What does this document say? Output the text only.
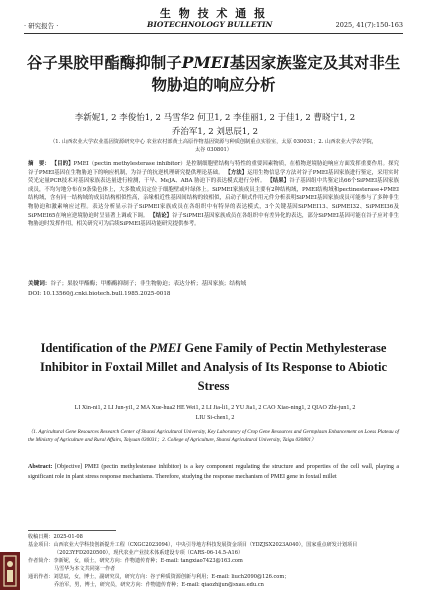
生 物 技 术 通 报
· 研究报告 ·	BIOTECHNOLOGY BULLETIN	2025, 41(7):150-163
谷子果胶甲酯酶抑制子PMEI基因家族鉴定及其对非生
物胁迫的响应分析
李新妮1, 2 李俊怡1, 2 马雪华2 何卫1, 2 李佳丽1, 2 于佳1, 2 曹晓宁1, 2
乔治军1, 2 刘思辰1, 2
（1. 山西农业大学农业基因资源研究中心 农业农村部黄土高原作物基因资源与种质创制重点实验室，太原 030031；2. 山西农业大学农学院，
太谷 030801）
摘　要： 【目的】PMEI（pectin methylesterase inhibitor）是控制细胞壁结构与特性的重要因素物质，在植物逆境胁迫响应方面发挥重要作用。探究谷子PMEI基因在生物胁迫下的响应机制，为谷子的抗逆机理研究提供理论基础。 【方法】运用生物信息学方法对谷子PMEI基因家族进行鉴定，采用实时荧光定量PCR技术对基因家族表达量进行检测，干旱、MeJA、ABA 胁迫下的表达模式进行分析。 【结果】谷子基因组中共鉴定出66个SiPMEI基因家族成员，不均匀地分布在9条染色体上，大多数成员定位于细胞壁或叶绿体上。SiPMEI家族成员主要有2种结构域，PMEI结构域和pectinesterase+PMEI结构域，含有同一结构域的成员结构相似性高，亲缘相近性基因间结构的较相似，启动子顺式作用元件分析表明SiPMEI基因家族成员可能参与了多种非生物胁迫和激素响应过程。表达分析显示谷子SiPMEI家族成员在各组织中有特异的表达模式，3个关键基因SiPMEI13、SiPMEI32、SiPMEI36及SiPMEI65在响应逆境胁迫时呈显著上调或下调。 【结论】谷子SiPMEI基因家族成员在各组织中有差异化的表达，部分SiPMEI基因可能在谷子应对非生物胁迫时发挥作用，相关研究可为后续SiPMEI基因功能研究提供参考。
关键词：谷子；果胶甲酯酶；甲酯酶抑制子；非生物胁迫；表达分析；基因家族；结构域
DOI: 10.13560/j.cnki.biotech.bull.1985.2025-0018
Identification of the PMEI Gene Family of Pectin Methylesterase
Inhibitor in Foxtail Millet and Analysis of Its Response to Abiotic
Stress
LI Xin-ni1, 2 LI Jun-yi1, 2 MA Xue-hua2 HE Wei1, 2 LI Jia-li1, 2 YU Jia1, 2 CAO Xiao-ning1, 2 QIAO Zhi-jun1, 2
LIU Si-chen1, 2
（1. Agricultural Gene Resources Research Center of Shanxi Agricultural University, Key Laboratory of Crop Gene Resources and Germplasm Enhancement on Loess Plateau of the Ministry of Agriculture and Rural Affairs, Taiyuan 030031；2. College of Agriculture, Shanxi Agricultural University, Taigu 030801）
Abstract: [Objective] PMEI (pectin methylesterase inhibitor) is a key component regulating the structure and properties of the cell wall, playing a significant role in plant stress response mechanisms. Therefore, studying the response mechanism of PMEI gene in foxtail millet
收稿日期：2025-01-08
基金项目：山西农业大学科技创新提升工程（CXGC2023094），中央引导地方科技发展资金项目（YDZJSX2023A040），国家重点研发计划项目
（2023YFD2020500），现代农业产业技术体系建设专项（CARS-06-14.5-A16）
作者简介：李新妮，女，硕士，研究方向：作物遗传育种；E-mail: tangxiao7423@163.com
马雪华为本文共同第一作者
通讯作者：刘思辰，女，博士，副研究员，研究方向：谷子种质资源创新与利用；E-mail: liuch2090@126.com；
乔治军，男，博士，研究员，研究方向：作物遗传育种；E-mail: qiaozhijun@sxau.edu.cn
